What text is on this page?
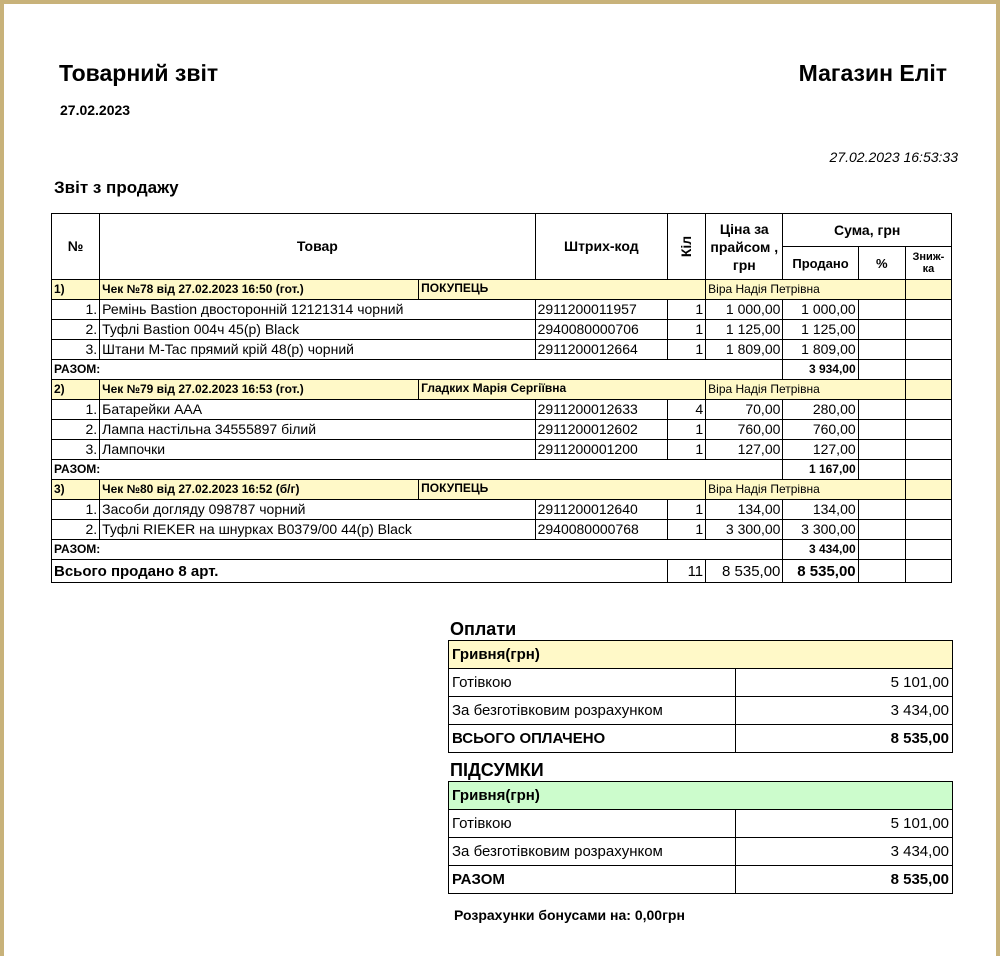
Товарний звіт	Магазин Еліт
27.02.2023
27.02.2023 16:53:33
Звіт з продажу
№	Товар	Штрих-код	Кіл	Ціна за прайсом , грн	Сума, грн		
					Продано	%	Зниж-ка
1)	Чек №78 від 27.02.2023 16:50 (гот.) ПОКУПЕЦЬ			Віра Надія Петрівна			
1.	Ремінь Bastion двосторонній 12121314 чорний	2911200011957	1	1 000,00	1 000,00		
2.	Туфлі Bastion 004ч 45(р) Black	2940080000706	1	1 125,00	1 125,00		
3.	Штани M-Tac прямий крій 48(р) чорний	2911200012664	1	1 809,00	1 809,00		
РАЗОМ:					3 934,00		
2)	Чек №79 від 27.02.2023 16:53 (гот.) Гладких Марія Сергіївна			Віра Надія Петрівна			
1.	Батарейки ААА	2911200012633	4	70,00	280,00		
2.	Лампа настільна 34555897 білий	2911200012602	1	760,00	760,00		
3.	Лампочки	2911200001200	1	127,00	127,00		
РАЗОМ:					1 167,00		
3)	Чек №80 від 27.02.2023 16:52 (б/г) ПОКУПЕЦЬ			Віра Надія Петрівна			
1.	Засоби догляду 098787 чорний	2911200012640	1	134,00	134,00		
2.	Туфлі RIEKER на шнурках B0379/00 44(р) Black	2940080000768	1	3 300,00	3 300,00		
РАЗОМ:					3 434,00		
Всього продано 8 арт.			11	8 535,00	8 535,00		
Оплати
Гривня(грн)	
Готівкою	5 101,00
За безготівковим розрахунком	3 434,00
ВСЬОГО ОПЛАЧЕНО	8 535,00
ПІДСУМКИ
Гривня(грн)	
Готівкою	5 101,00
За безготівковим розрахунком	3 434,00
РАЗОМ	8 535,00
Розрахунки бонусами на: 0,00грн
